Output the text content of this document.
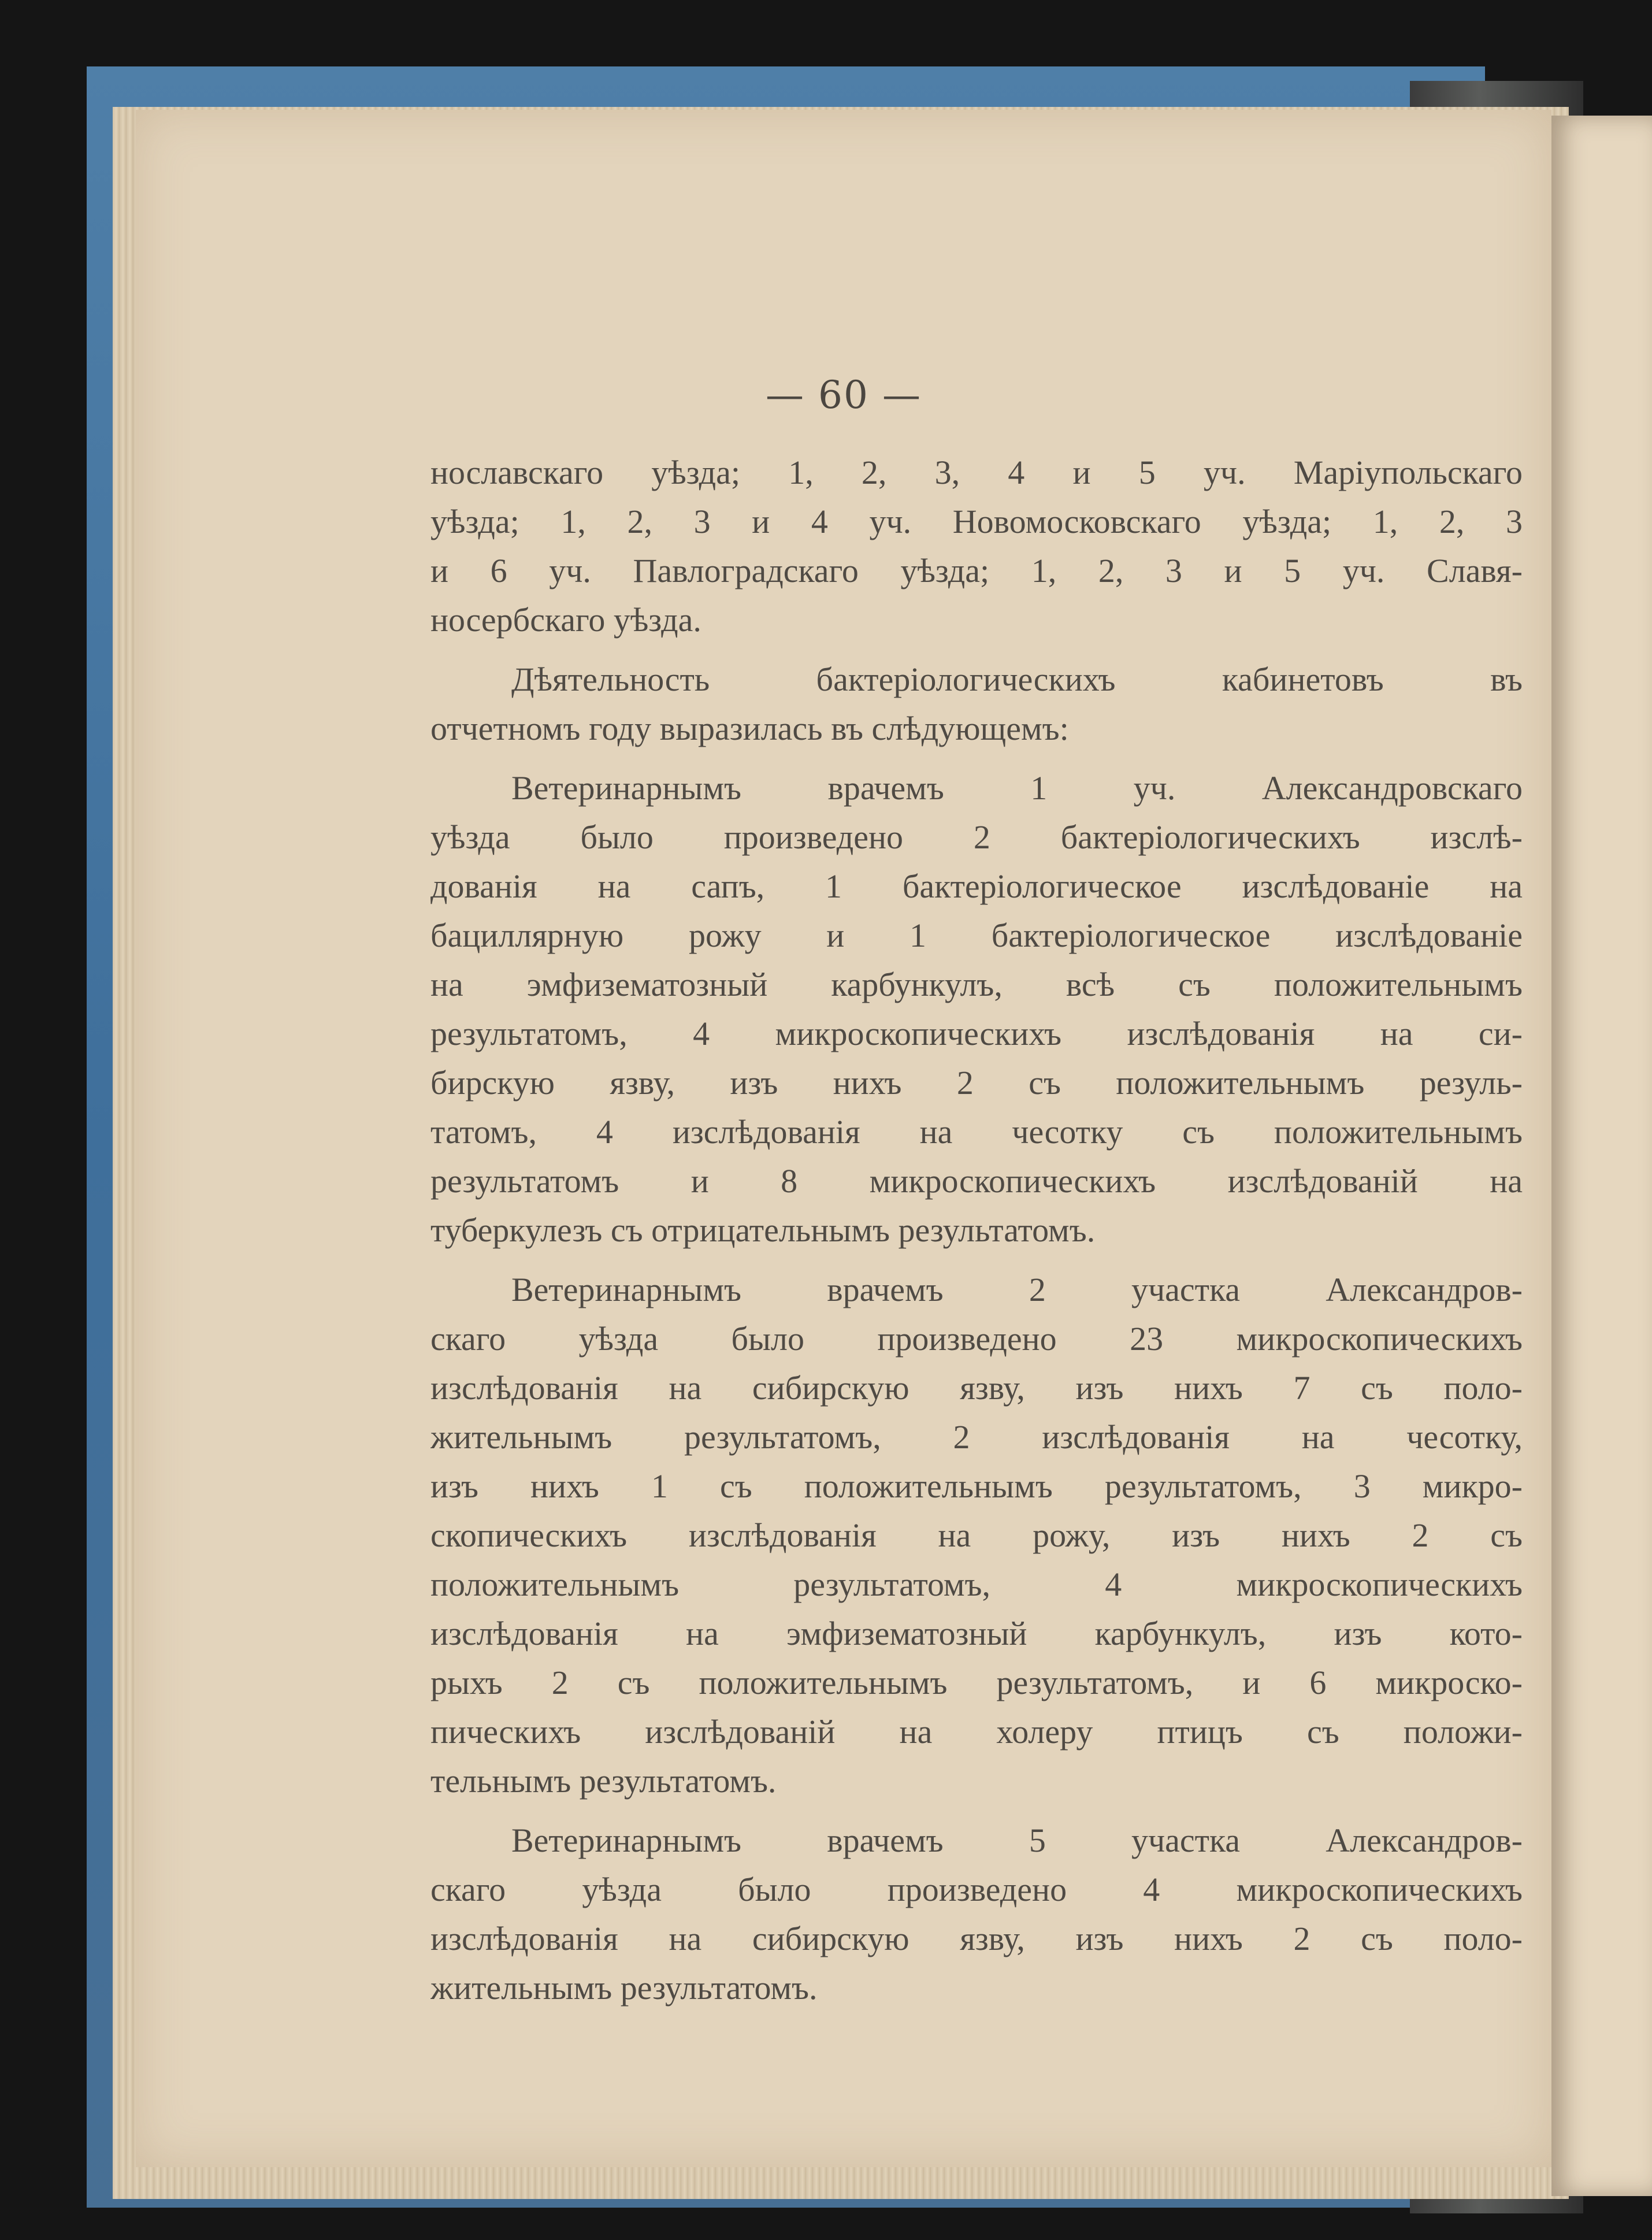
— 60 —
нославскаго уѣзда; 1, 2, 3, 4 и 5 уч. Маріупольскаго
уѣзда; 1, 2, 3 и 4 уч. Новомосковскаго уѣзда; 1, 2, 3
и 6 уч. Павлоградскаго уѣзда; 1, 2, 3 и 5 уч. Славя-
носербскаго уѣзда.
Дѣятельность бактеріологическихъ кабинетовъ въ
отчетномъ году выразилась въ слѣдующемъ:
Ветеринарнымъ врачемъ 1 уч. Александровскаго
уѣзда было произведено 2 бактеріологическихъ изслѣ-
дованія на сапъ, 1 бактеріологическое изслѣдованіе на
бациллярную рожу и 1 бактеріологическое изслѣдованіе
на эмфизематозный карбункулъ, всѣ съ положительнымъ
результатомъ, 4 микроскопическихъ изслѣдованія на си-
бирскую язву, изъ нихъ 2 съ положительнымъ резуль-
татомъ, 4 изслѣдованія на чесотку съ положительнымъ
результатомъ и 8 микроскопическихъ изслѣдованій на
туберкулезъ съ отрицательнымъ результатомъ.
Ветеринарнымъ врачемъ 2 участка Александров-
скаго уѣзда было произведено 23 микроскопическихъ
изслѣдованія на сибирскую язву, изъ нихъ 7 съ поло-
жительнымъ результатомъ, 2 изслѣдованія на чесотку,
изъ нихъ 1 съ положительнымъ результатомъ, 3 микро-
скопическихъ изслѣдованія на рожу, изъ нихъ 2 съ
положительнымъ результатомъ, 4 микроскопическихъ
изслѣдованія на эмфизематозный карбункулъ, изъ кото-
рыхъ 2 съ положительнымъ результатомъ, и 6 микроско-
пическихъ изслѣдованій на холеру птицъ съ положи-
тельнымъ результатомъ.
Ветеринарнымъ врачемъ 5 участка Александров-
скаго уѣзда было произведено 4 микроскопическихъ
изслѣдованія на сибирскую язву, изъ нихъ 2 съ поло-
жительнымъ результатомъ.
